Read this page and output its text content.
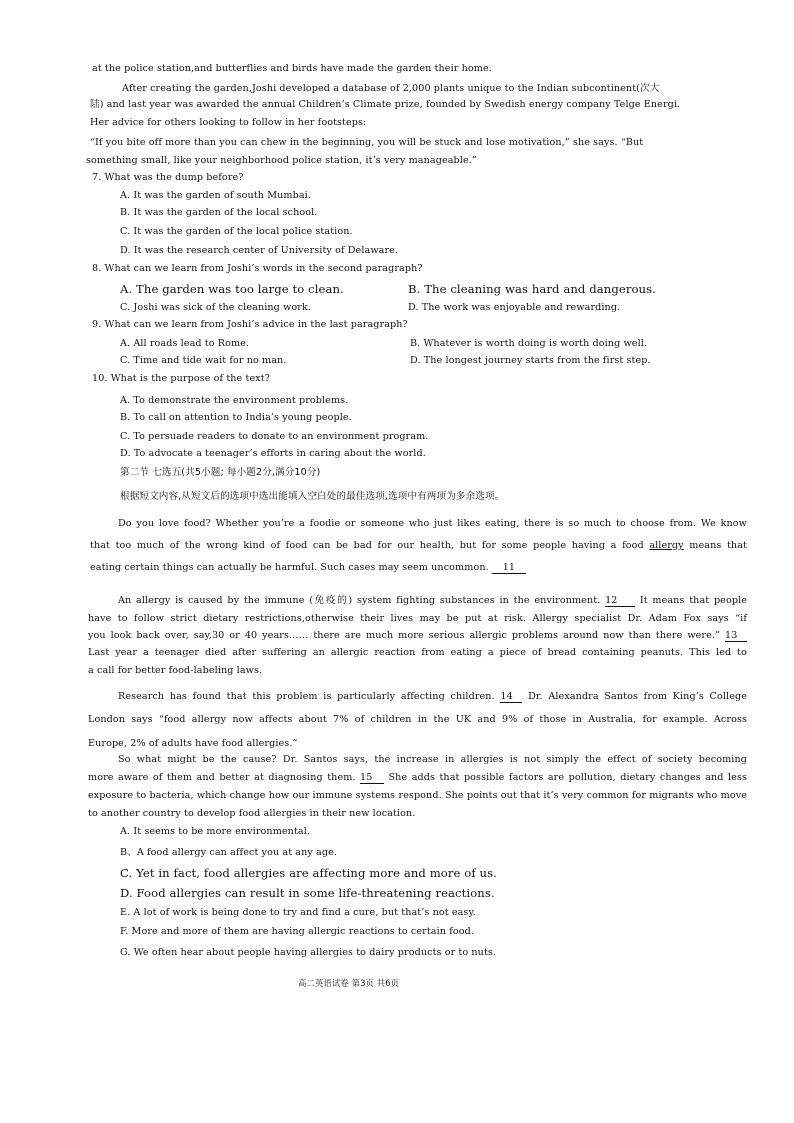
at the police station,and butterflies and birds have made the garden their home.
After creating the garden,Joshi developed a database of 2,000 plants unique to the Indian subcontinent(次大
陆) and last year was awarded the annual Children’s Climate prize, founded by Swedish energy company Telge Energi.
Her advice for others looking to follow in her footsteps:
“If you bite off more than you can chew in the beginning, you will be stuck and lose motivation,” she says. “But
something small, like your neighborhood police station, it’s very manageable.”
7. What was the dump before?
A. It was the garden of south Mumbai.
B. It was the garden of the local school.
C. It was the garden of the local police station.
D. It was the research center of University of Delaware.
8. What can we learn from Joshi’s words in the second paragraph?
A. The garden was too large to clean.	B. The cleaning was hard and dangerous.
C. Joshi was sick of the cleaning work.	D. The work was enjoyable and rewarding.
9. What can we learn from Joshi’s advice in the last paragraph?
A. All roads lead to Rome.	B. Whatever is worth doing is worth doing well.
C. Time and tide wait for no man.	D. The longest journey starts from the first step.
10. What is the purpose of the text?
A. To demonstrate the environment problems.
B. To call on attention to India’s young people.
C. To persuade readers to donate to an environment program.
D. To advocate a teenager’s efforts in caring about the world.
第二节 七选五(共5小题; 每小题2分,满分10分)
根据短文内容,从短文后的选项中选出能填入空白处的最佳选项,选项中有两项为多余选项。
Do you love food? Whether you’re a foodie or someone who just likes eating, there is so much to choose from. We know
that too much of the wrong kind of food can be bad for our health, but for some people having a food allergy means that
eating certain things can actually be harmful. Such cases may seem uncommon. 11
An allergy is caused by the immune (免疫的) system fighting substances in the environment. 12 It means that people
have to follow strict dietary restrictions,otherwise their lives may be put at risk. Allergy specialist Dr. Adam Fox says “if
you look back over, say,30 or 40 years…… there are much more serious allergic problems around now than there were.” 13
Last year a teenager died after suffering an allergic reaction from eating a piece of bread containing peanuts. This led to
a call for better food-labeling laws.
Research has found that this problem is particularly affecting children. 14 Dr. Alexandra Santos from King’s College
London says “food allergy now affects about 7% of children in the UK and 9% of those in Australia, for example. Across
Europe, 2% of adults have food allergies.”
So what might be the cause? Dr. Santos says, the increase in allergies is not simply the effect of society becoming
more aware of them and better at diagnosing them. 15 She adds that possible factors are pollution, dietary changes and less
exposure to bacteria, which change how our immune systems respond. She points out that it’s very common for migrants who move
to another country to develop food allergies in their new location.
A. It seems to be more environmental.
B、A food allergy can affect you at any age.
C. Yet in fact, food allergies are affecting more and more of us.
D. Food allergies can result in some life-threatening reactions.
E. A lot of work is being done to try and find a cure, but that’s not easy.
F. More and more of them are having allergic reactions to certain food.
G. We often hear about people having allergies to dairy products or to nuts.
高二英语试卷 第3页 共6页
